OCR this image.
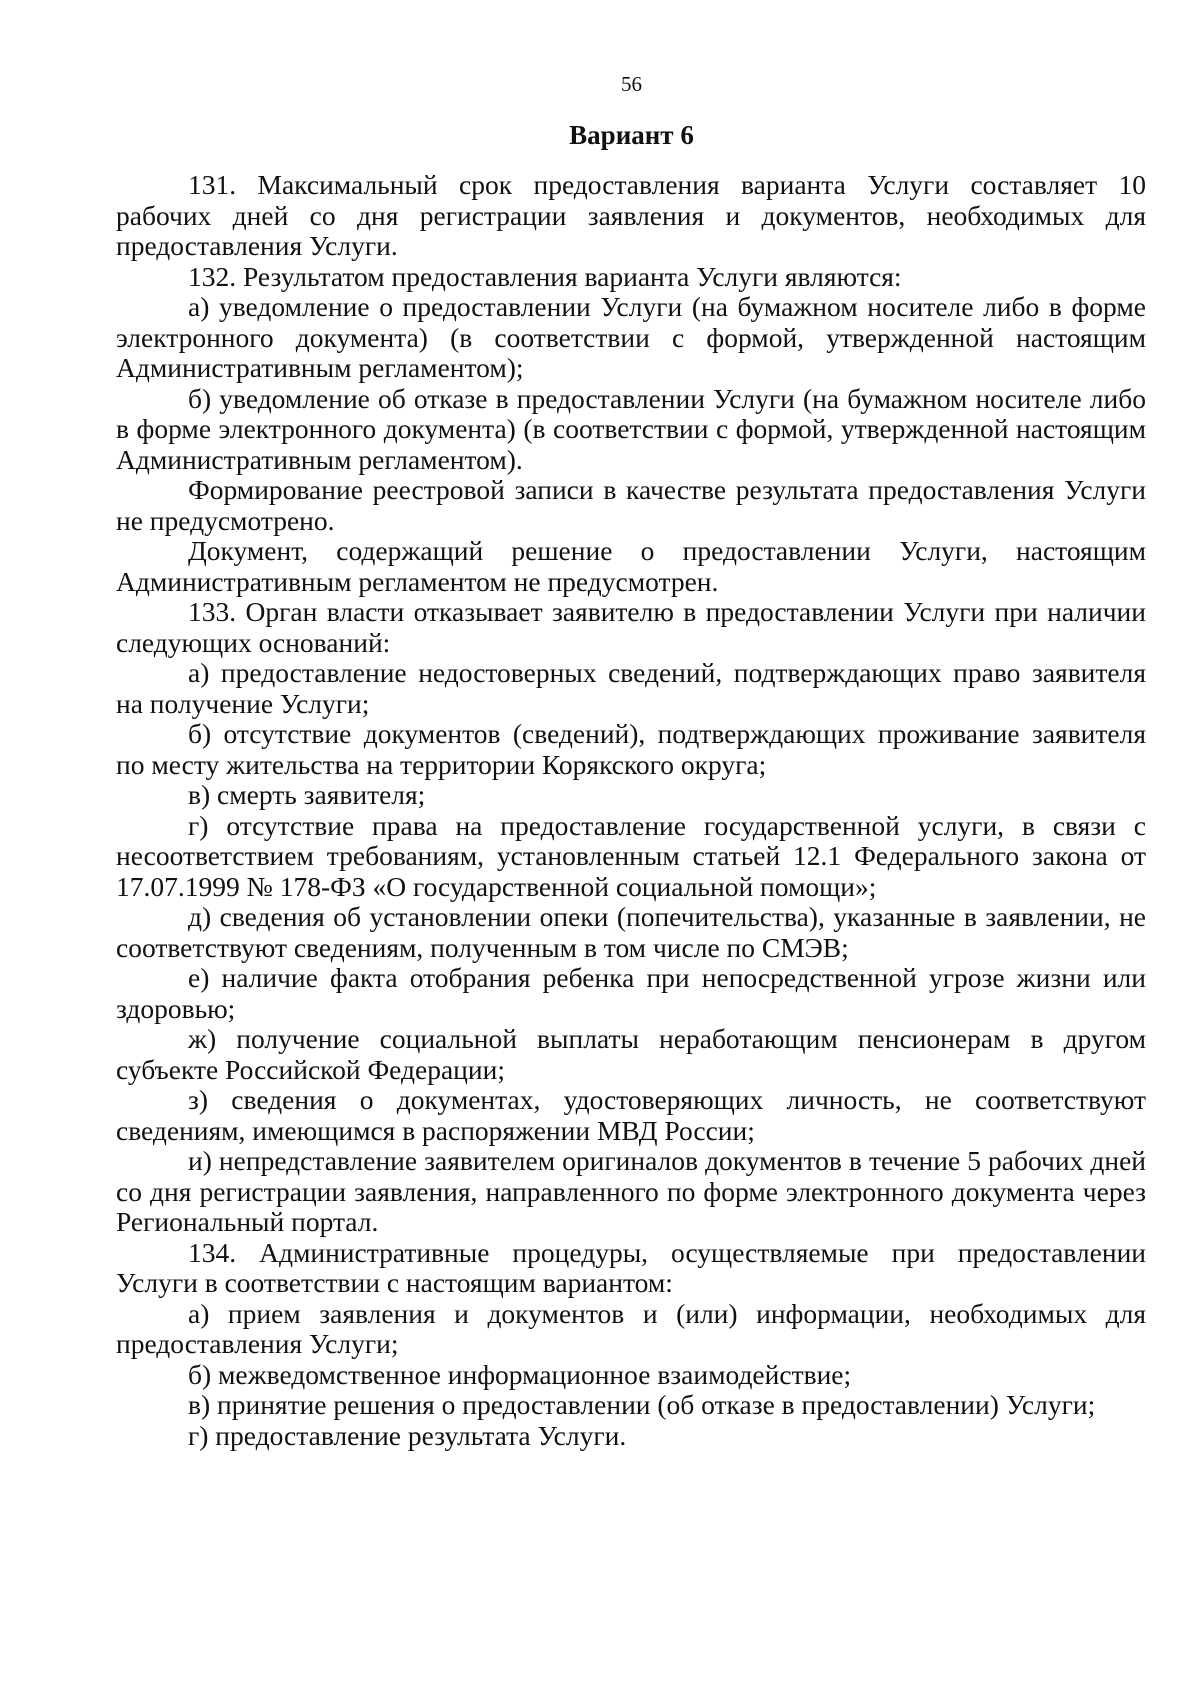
56
Вариант 6

131. Максимальный срок предоставления варианта Услуги составляет 10 рабочих дней со дня регистрации заявления и документов, необходимых для предоставления Услуги.

132. Результатом предоставления варианта Услуги являются:

а) уведомление о предоставлении Услуги (на бумажном носителе либо в форме электронного документа) (в соответствии с формой, утвержденной настоящим Административным регламентом);

б) уведомление об отказе в предоставлении Услуги (на бумажном носителе либо в форме электронного документа) (в соответствии с формой, утвержденной настоящим Административным регламентом).

Формирование реестровой записи в качестве результата предоставления Услуги не предусмотрено.

Документ, содержащий решение о предоставлении Услуги, настоящим Административным регламентом не предусмотрен.

133. Орган власти отказывает заявителю в предоставлении Услуги при наличии следующих оснований:

а) предоставление недостоверных сведений, подтверждающих право заявителя на получение Услуги;

б) отсутствие документов (сведений), подтверждающих проживание заявителя по месту жительства на территории Корякского округа;

в) смерть заявителя;

г) отсутствие права на предоставление государственной услуги, в связи с несоответствием требованиям, установленным статьей 12.1 Федерального закона от 17.07.1999 № 178-ФЗ «О государственной социальной помощи»;

д) сведения об установлении опеки (попечительства), указанные в заявлении, не соответствуют сведениям, полученным в том числе по СМЭВ;

е) наличие факта отобрания ребенка при непосредственной угрозе жизни или здоровью;

ж) получение социальной выплаты неработающим пенсионерам в другом субъекте Российской Федерации;

з) сведения о документах, удостоверяющих личность, не соответствуют сведениям, имеющимся в распоряжении МВД России;

и) непредставление заявителем оригиналов документов в течение 5 рабочих дней со дня регистрации заявления, направленного по форме электронного документа через Региональный портал.

134. Административные процедуры, осуществляемые при предоставлении Услуги в соответствии с настоящим вариантом:

а) прием заявления и документов и (или) информации, необходимых для предоставления Услуги;

б) межведомственное информационное взаимодействие;

в) принятие решения о предоставлении (об отказе в предоставлении) Услуги;

г) предоставление результата Услуги.
